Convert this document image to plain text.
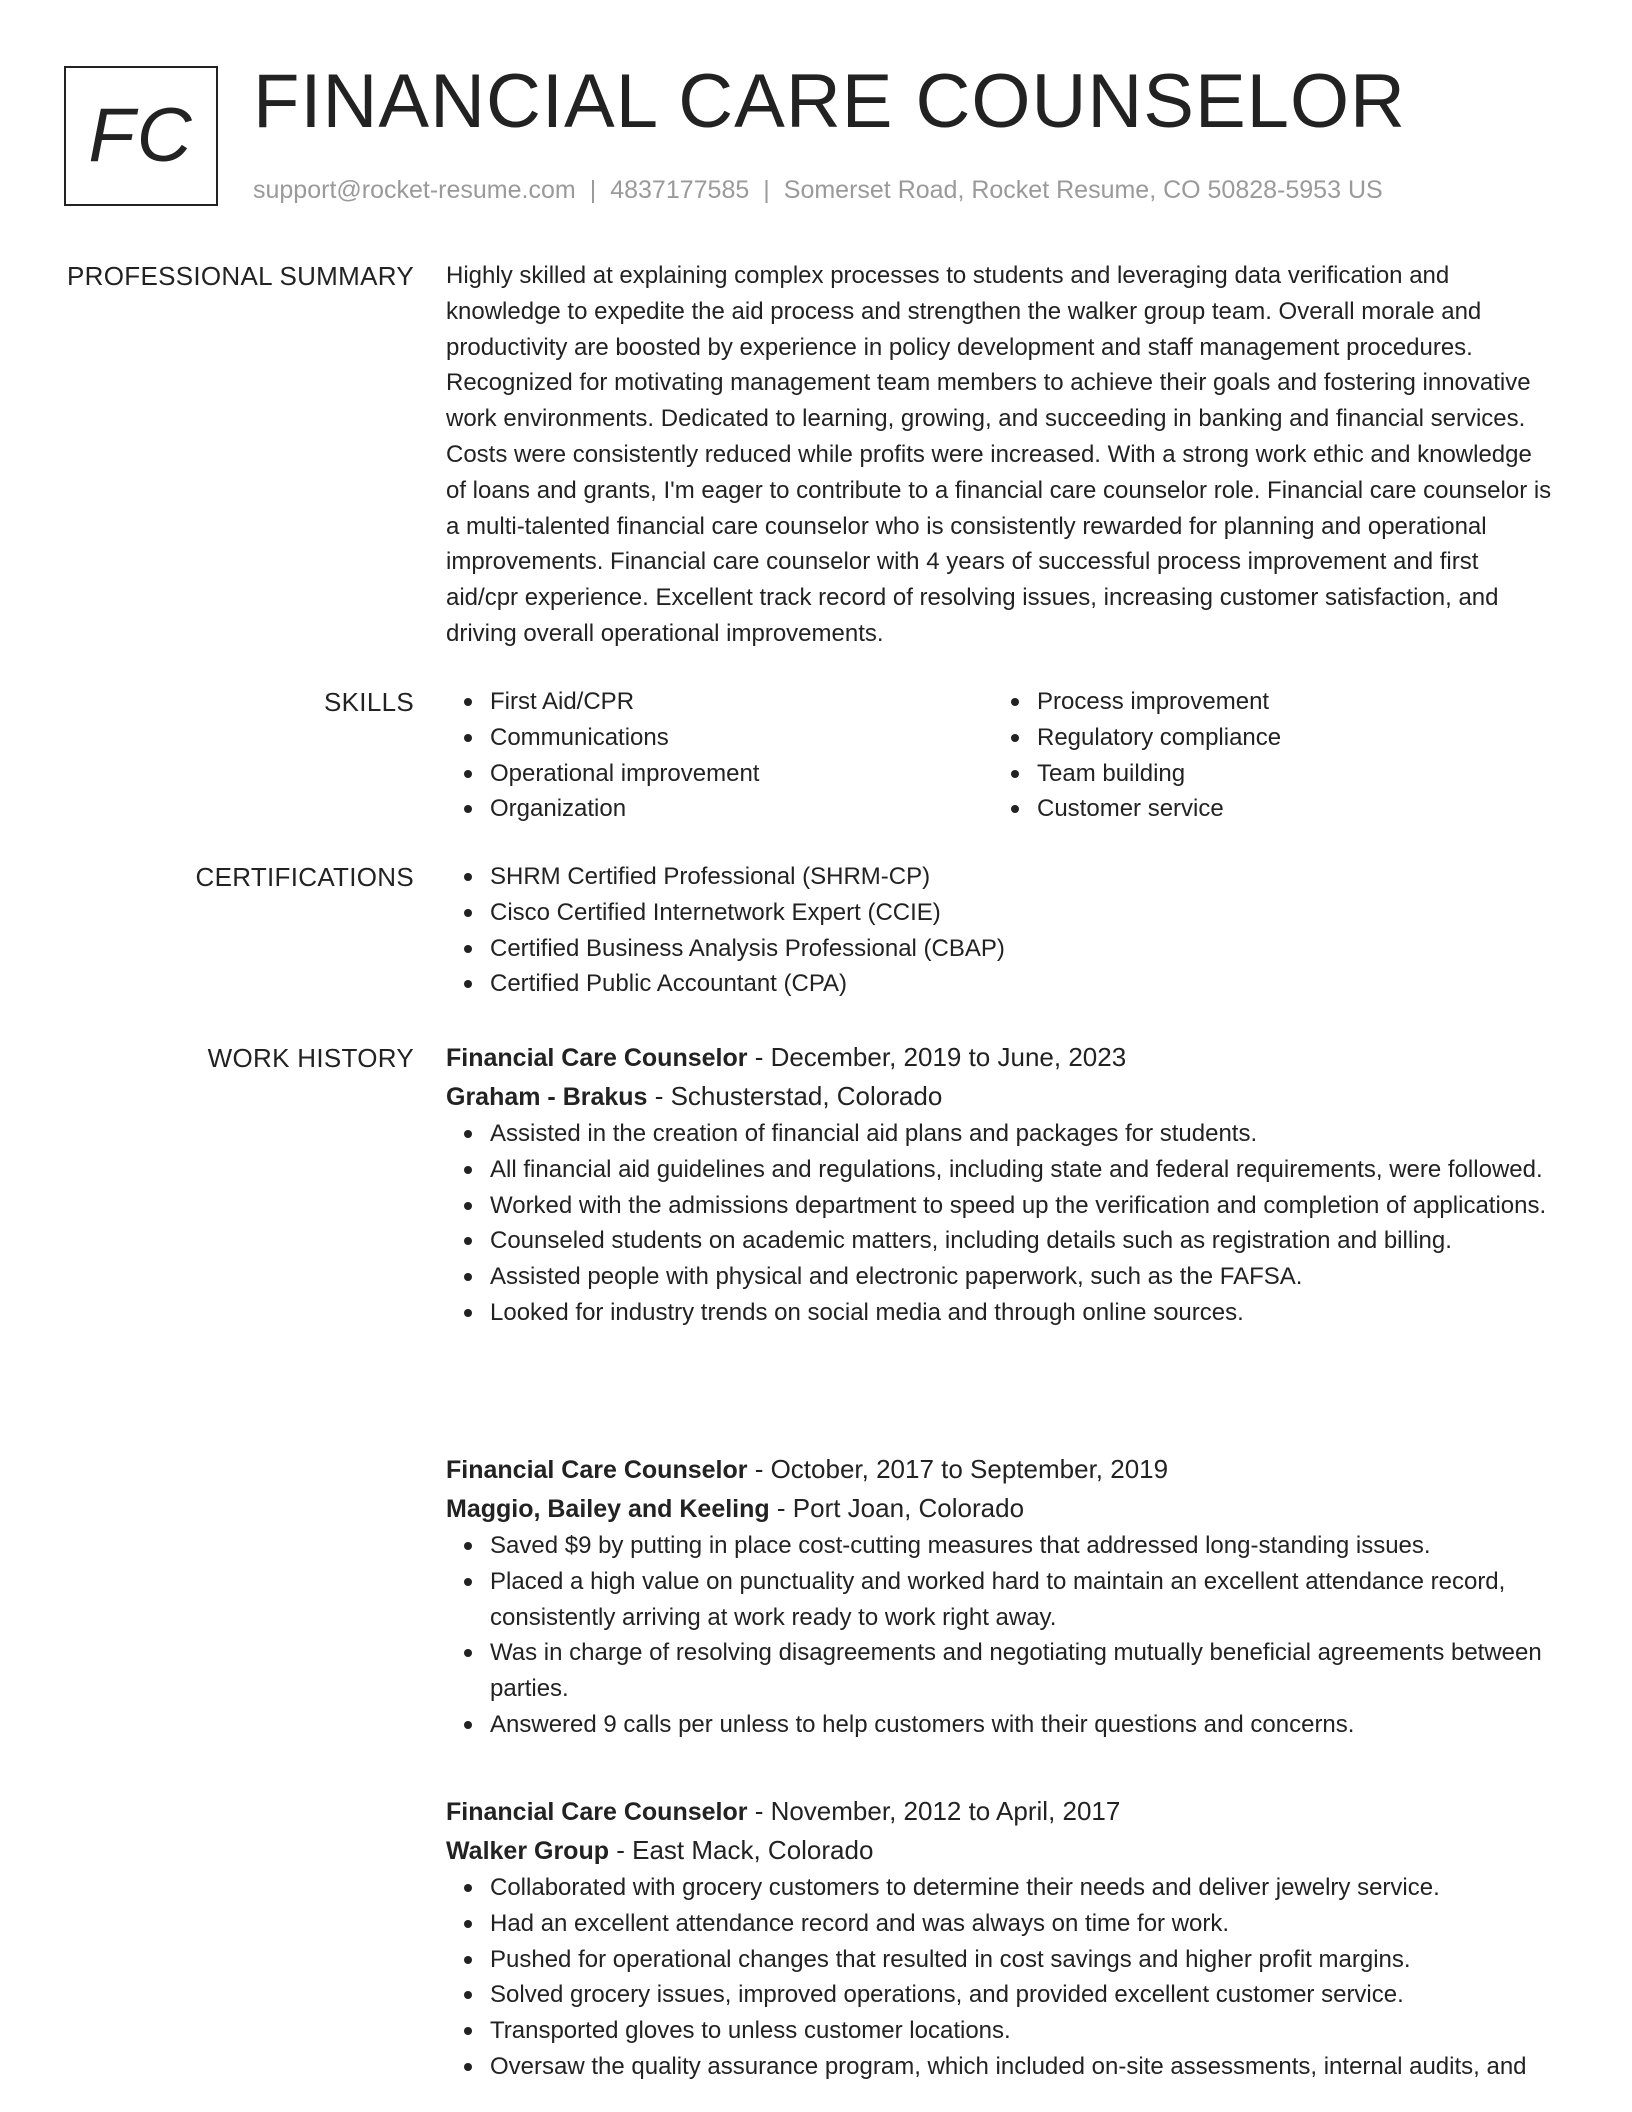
FC FINANCIAL CARE COUNSELOR
support@rocket-resume.com | 4837177585 | Somerset Road, Rocket Resume, CO 50828-5953 US
PROFESSIONAL SUMMARY Highly skilled at explaining complex processes to students and leveraging data verification and knowledge to expedite the aid process and strengthen the walker group team. Overall morale and productivity are boosted by experience in policy development and staff management procedures. Recognized for motivating management team members to achieve their goals and fostering innovative work environments. Dedicated to learning, growing, and succeeding in banking and financial services. Costs were consistently reduced while profits were increased. With a strong work ethic and knowledge of loans and grants, I'm eager to contribute to a financial care counselor role. Financial care counselor is a multi-talented financial care counselor who is consistently rewarded for planning and operational improvements. Financial care counselor with 4 years of successful process improvement and first aid/cpr experience. Excellent track record of resolving issues, increasing customer satisfaction, and driving overall operational improvements.

SKILLS	First Aid/CPR
Communications
Operational improvement
Organization
Process improvement
Regulatory compliance
Team building
Customer service
CERTIFICATIONS	SHRM Certified Professional (SHRM-CP)
Cisco Certified Internetwork Expert (CCIE)
Certified Business Analysis Professional (CBAP)
Certified Public Accountant (CPA)
WORK HISTORY Financial Care Counselor - December, 2019 to June, 2023
Graham - Brakus - Schusterstad, Colorado
Assisted in the creation of financial aid plans and packages for students.
All financial aid guidelines and regulations, including state and federal requirements, were followed.
Worked with the admissions department to speed up the verification and completion of applications.
Counseled students on academic matters, including details such as registration and billing.
Assisted people with physical and electronic paperwork, such as the FAFSA.
Looked for industry trends on social media and through online sources.
Financial Care Counselor - October, 2017 to September, 2019
Maggio, Bailey and Keeling - Port Joan, Colorado
Saved $9 by putting in place cost-cutting measures that addressed long-standing issues.
Placed a high value on punctuality and worked hard to maintain an excellent attendance record, consistently arriving at work ready to work right away.
Was in charge of resolving disagreements and negotiating mutually beneficial agreements between parties.
Answered 9 calls per unless to help customers with their questions and concerns.
Financial Care Counselor - November, 2012 to April, 2017
Walker Group - East Mack, Colorado
Collaborated with grocery customers to determine their needs and deliver jewelry service.
Had an excellent attendance record and was always on time for work.
Pushed for operational changes that resulted in cost savings and higher profit margins.
Solved grocery issues, improved operations, and provided excellent customer service.
Transported gloves to unless customer locations.
Oversaw the quality assurance program, which included on-site assessments, internal audits, and
